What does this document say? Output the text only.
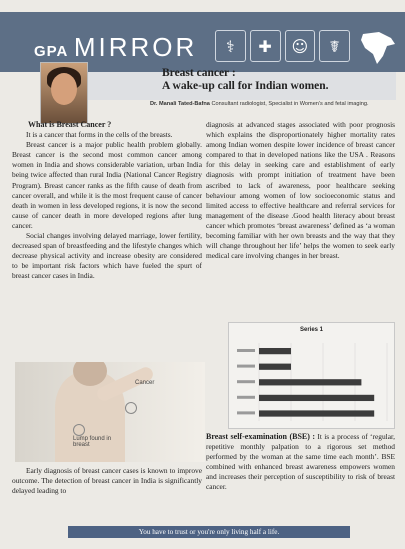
GPA MIRROR	⚕	✚	☺	☤
Breast cancer :
A wake-up call for Indian women.
Dr. Manali Tated-Bafna Consultant radiologist, Specialist in Women's and fetal imaging.

What is Breast Cancer ?

It is a cancer that forms in the cells of the breasts.

Breast cancer is a major public health problem globally. Breast cancer is the second most common cancer among women in India and shows considerable variation, urban India being twice affected than rural India (National Cancer Registry Program). Breast cancer ranks as the fifth cause of death from cancer overall, and while it is the most frequent cause of cancer death in women in less developed regions, it is now the second cause of cancer death in more developed regions after lung cancer.

Social changes involving delayed marriage, lower fertility, decreased span of breastfeeding and the lifestyle changes which decrease physical activity and increase obesity are considered to be important risk factors which have fueled the spurt of breast cancer cases in India.

Cancer
Lump found in breast

Early diagnosis of breast cancer cases is known to improve outcome. The detection of breast cancer in India is significantly delayed leading to

diagnosis at advanced stages associated with poor prognosis which explains the disproportionately higher mortality rates among Indian women despite lower incidence of breast cancer compared to that in developed nations like the USA . Reasons for this delay in seeking care and establishment of early diagnosis with prompt initiation of treatment have been ascribed to lack of awareness, poor healthcare seeking behaviour among women of low socioeconomic status and limited access to effective healthcare and referral services for management of the disease .Good health literacy about breast cancer which promotes ‘breast awareness’ defined as ‘a woman becoming familiar with her own breasts and the way that they will change throughout her life’ helps the women to seek early medical care involving changes in her breast.

Series 1
Breast self-examination (BSE) : It is a process of ‘regular, repetitive monthly palpation to a rigorous set method performed by the woman at the same time each month’. BSE combined with enhanced breast awareness empowers women and increases their perception of susceptibility to risk of breast cancer.
You have to trust or you're only living half a life.
